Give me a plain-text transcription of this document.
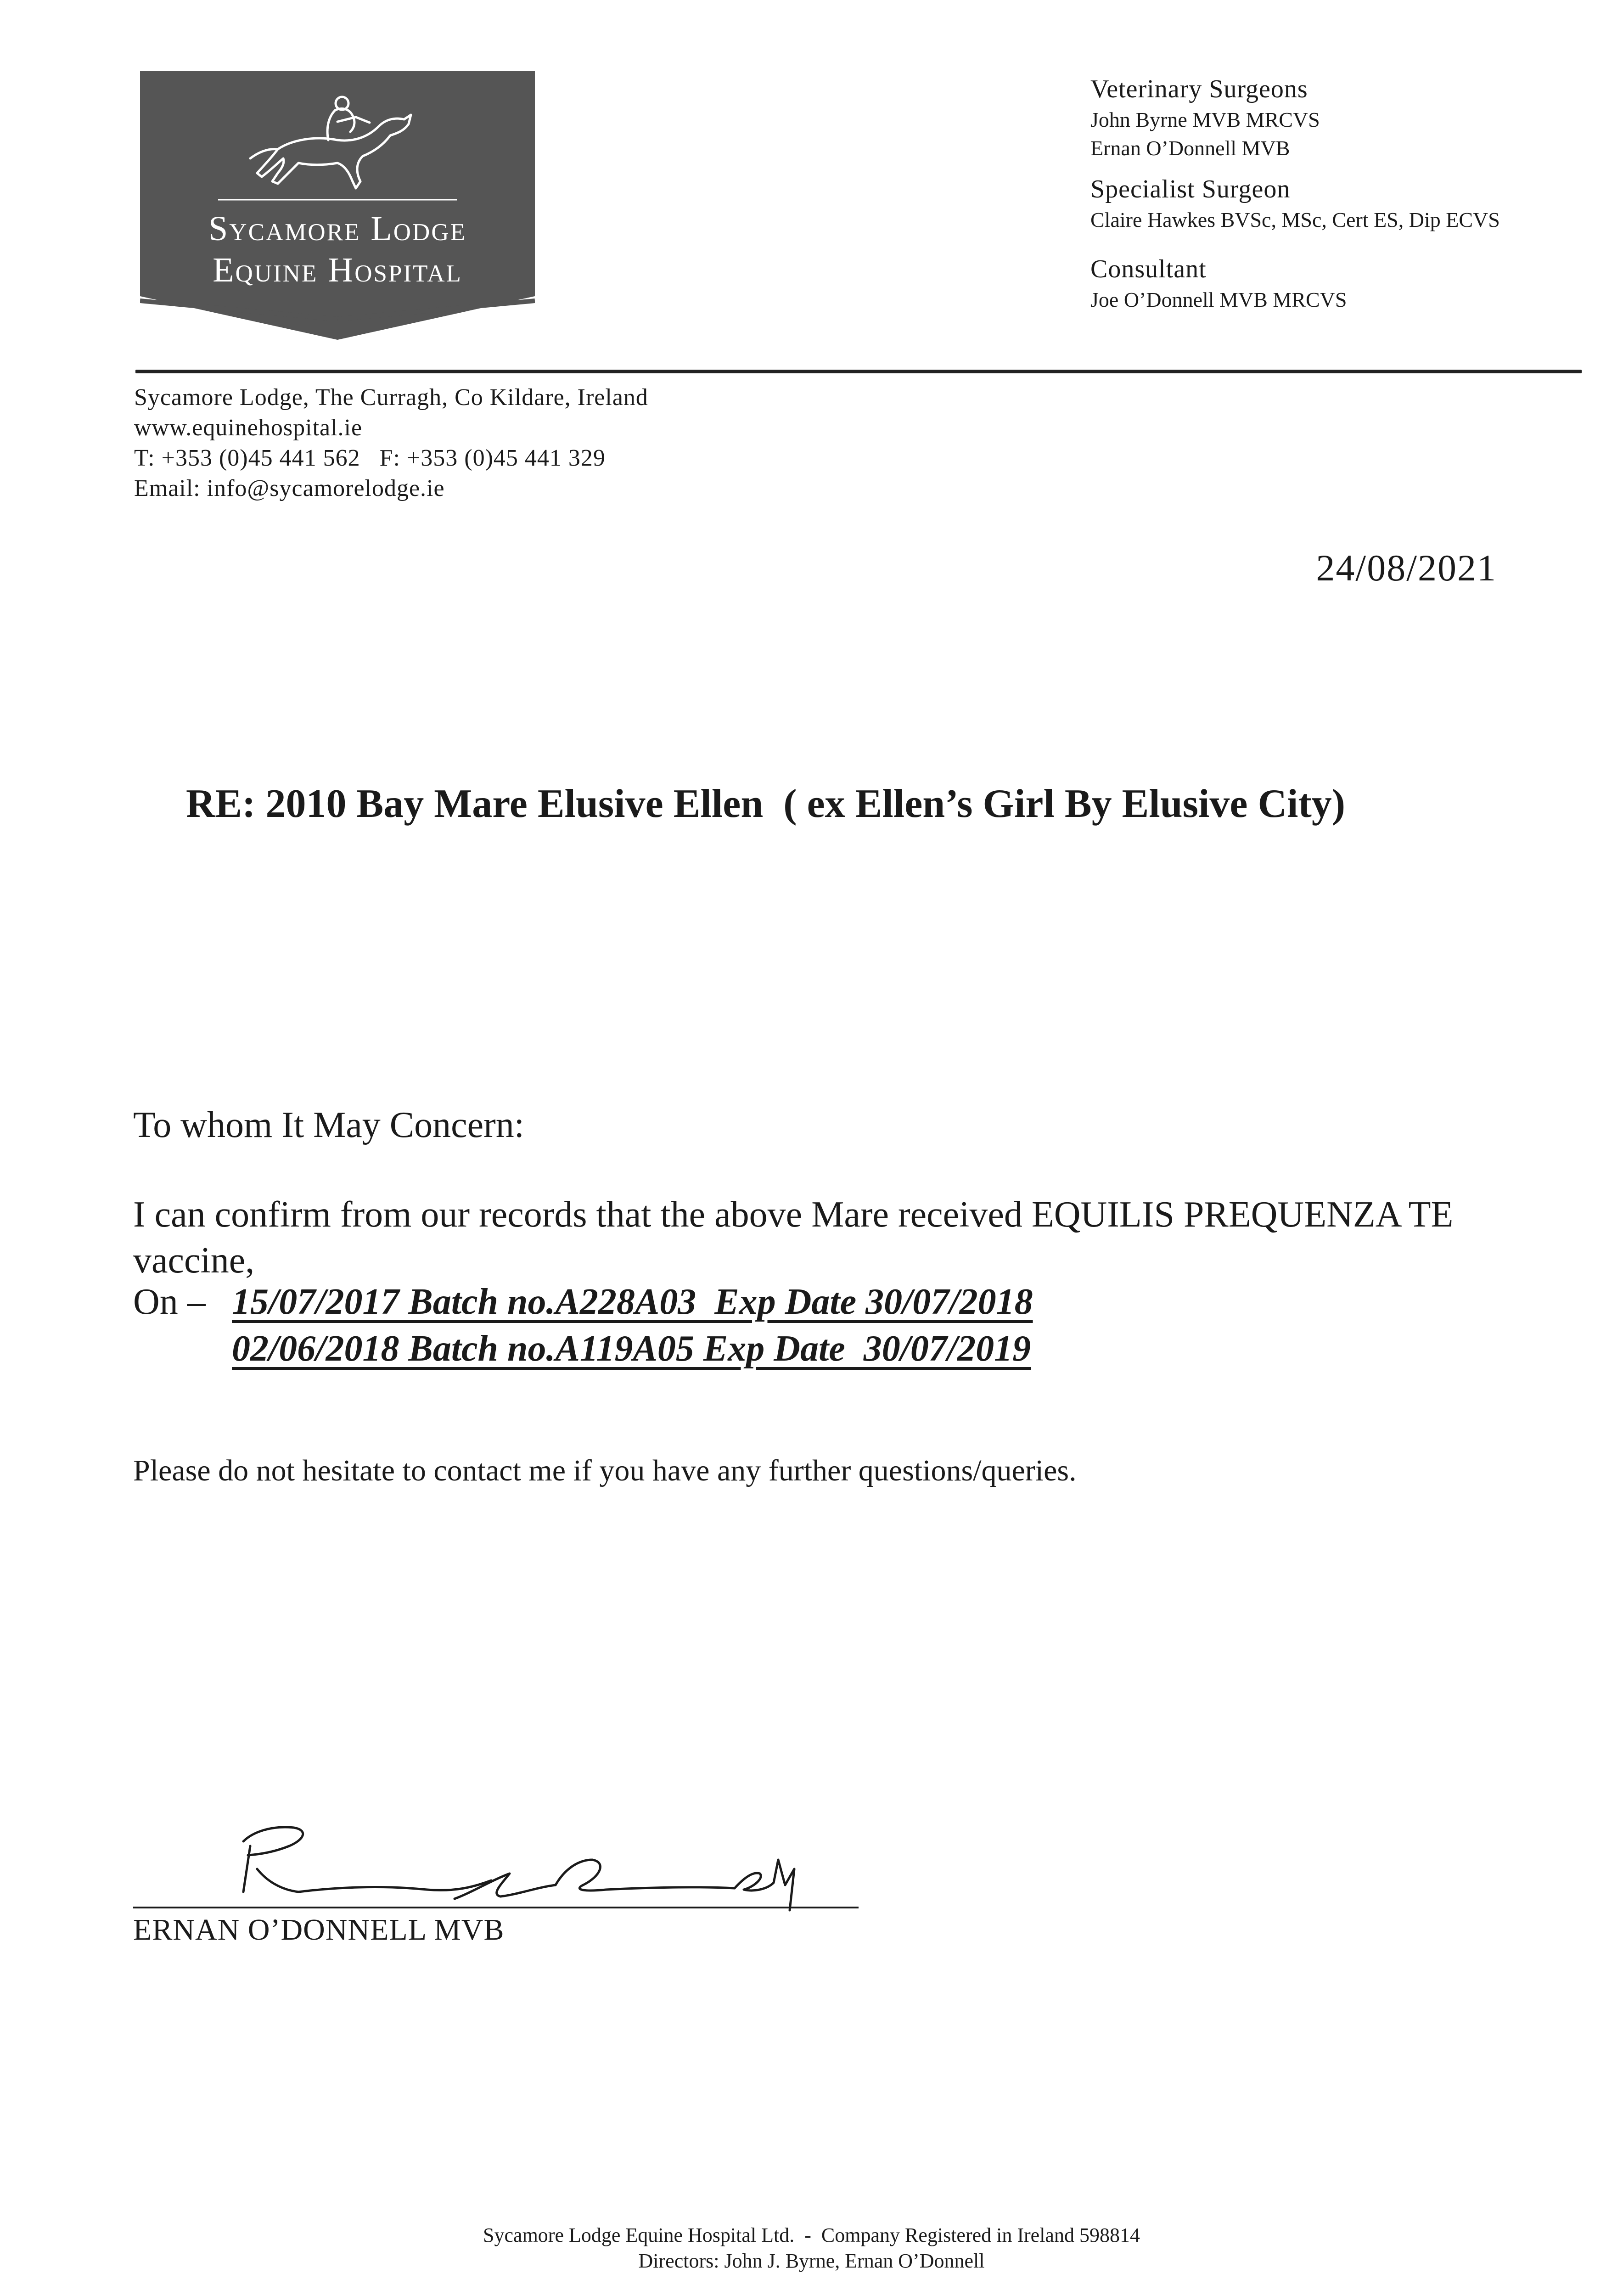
Sycamore Lodge
Equine Hospital
Veterinary Surgeons
John Byrne MVB MRCVS
Ernan O’Donnell MVB
Specialist Surgeon
Claire Hawkes BVSc, MSc, Cert ES, Dip ECVS
Consultant
Joe O’Donnell MVB MRCVS
Sycamore Lodge, The Curragh, Co Kildare, Ireland
www.equinehospital.ie
T: +353 (0)45 441 562   F: +353 (0)45 441 329
Email: info@sycamorelodge.ie
24/08/2021
RE: 2010 Bay Mare Elusive Ellen  ( ex Ellen’s Girl By Elusive City)
To whom It May Concern:
I can confirm from our records that the above Mare received EQUILIS PREQUENZA TE vaccine,
On – 15/07/2017 Batch no.A228A03  Exp Date 30/07/2018
02/06/2018 Batch no.A119A05 Exp Date  30/07/2019
Please do not hesitate to contact me if you have any further questions/queries.
ERNAN O’DONNELL MVB
Sycamore Lodge Equine Hospital Ltd.  -  Company Registered in Ireland 598814
Directors: John J. Byrne, Ernan O’Donnell
